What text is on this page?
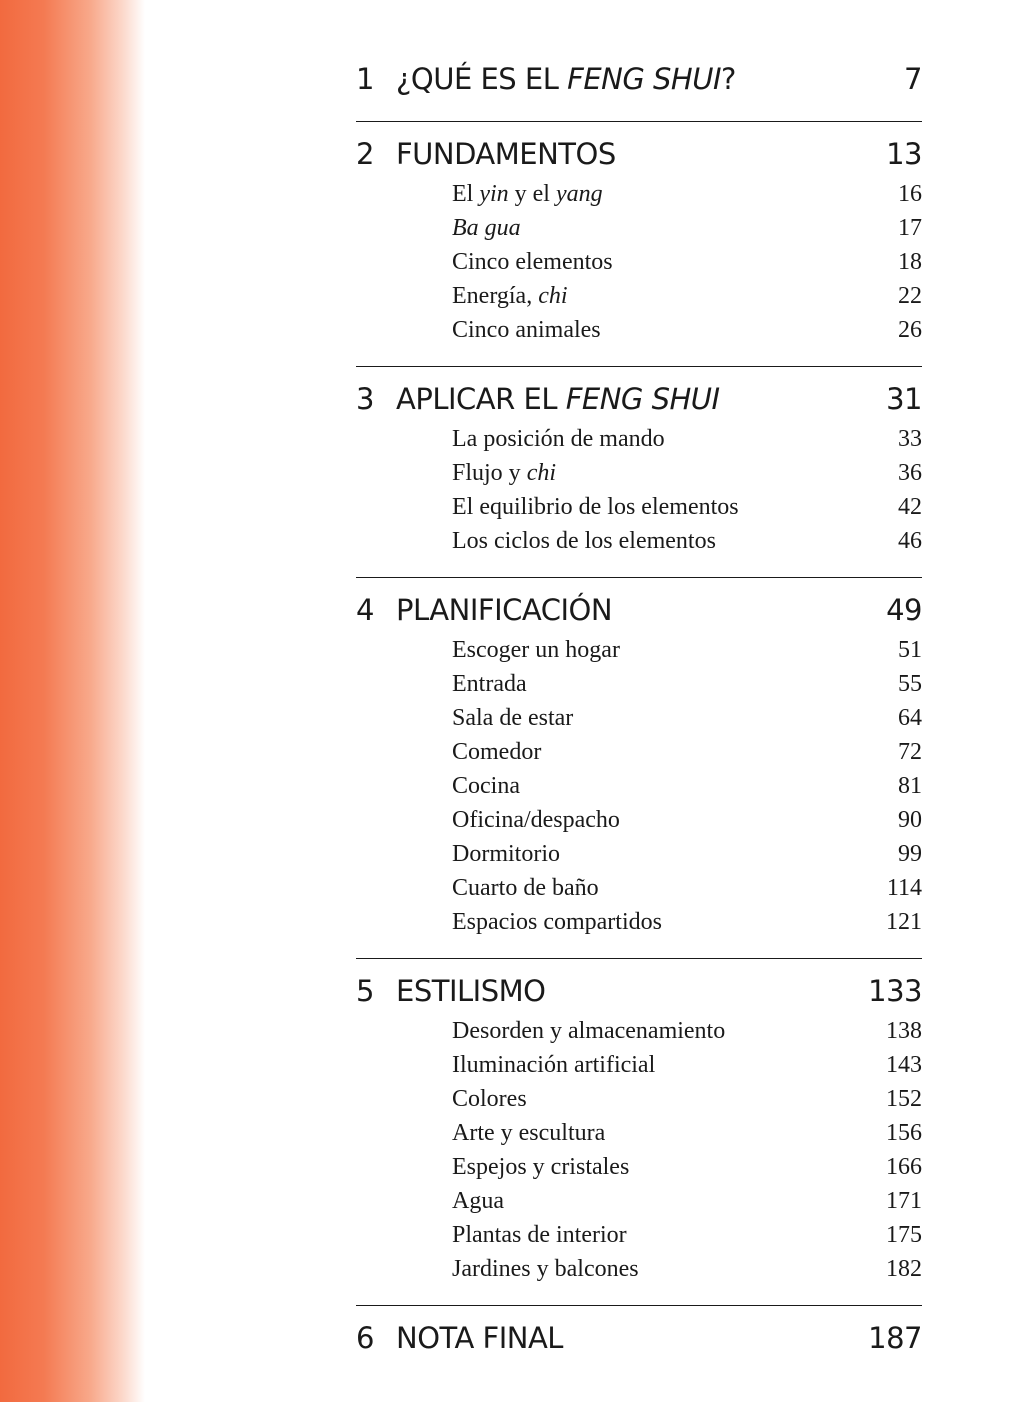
1 ¿QUÉ ES EL FENG SHUI?	7
2 FUNDAMENTOS	13
El yin y el yang	16
Ba gua	17
Cinco elementos	18
Energía, chi	22
Cinco animales	26
3 APLICAR EL FENG SHUI	31
La posición de mando	33
Flujo y chi	36
El equilibrio de los elementos	42
Los ciclos de los elementos	46
4 PLANIFICACIÓN	49
Escoger un hogar	51
Entrada	55
Sala de estar	64
Comedor	72
Cocina	81
Oficina/despacho	90
Dormitorio	99
Cuarto de baño	114
Espacios compartidos	121
5 ESTILISMO	133
Desorden y almacenamiento	138
Iluminación artificial	143
Colores	152
Arte y escultura	156
Espejos y cristales	166
Agua	171
Plantas de interior	175
Jardines y balcones	182
6 NOTA FINAL	187
